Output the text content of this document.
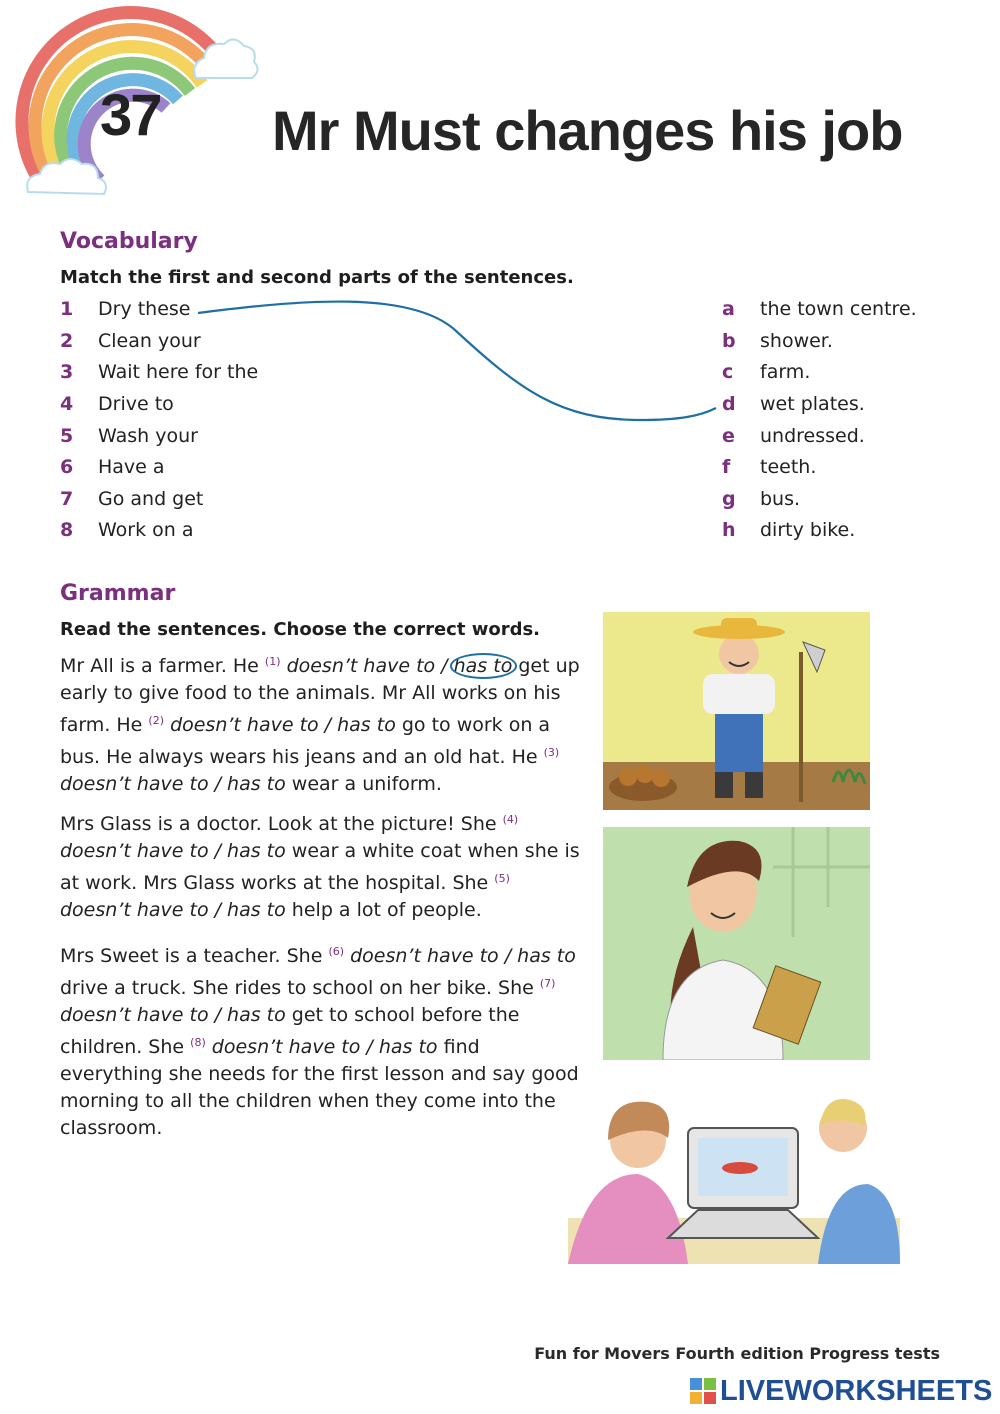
37 Mr Must changes his job
Vocabulary
Match the first and second parts of the sentences.
1 Dry these
2 Clean your
3 Wait here for the
4 Drive to
5 Wash your
6 Have a
7 Go and get
8 Work on a
a the town centre.
b shower.
c farm.
d wet plates.
e undressed.
f teeth.
g bus.
h dirty bike.
Grammar
Read the sentences. Choose the correct words.
Mr All is a farmer. He $^{(1)}$ doesn’t have to / has to get up early to give food to the animals. Mr All works on his farm. He $^{(2)}$ doesn’t have to / has to go to work on a bus. He always wears his jeans and an old hat. He $^{(3)}$ doesn’t have to / has to wear a uniform.
Mrs Glass is a doctor. Look at the picture! She $^{(4)}$ doesn’t have to / has to wear a white coat when she is at work. Mrs Glass works at the hospital. She $^{(5)}$ doesn’t have to / has to help a lot of people.
Mrs Sweet is a teacher. She $^{(6)}$ doesn’t have to / has to drive a truck. She rides to school on her bike. She $^{(7)}$ doesn’t have to / has to get to school before the children. She $^{(8)}$ doesn’t have to / has to find everything she needs for the first lesson and say good morning to all the children when they come into the classroom.
Fun for Movers Fourth edition Progress tests
LIVEWORKSHEETS
